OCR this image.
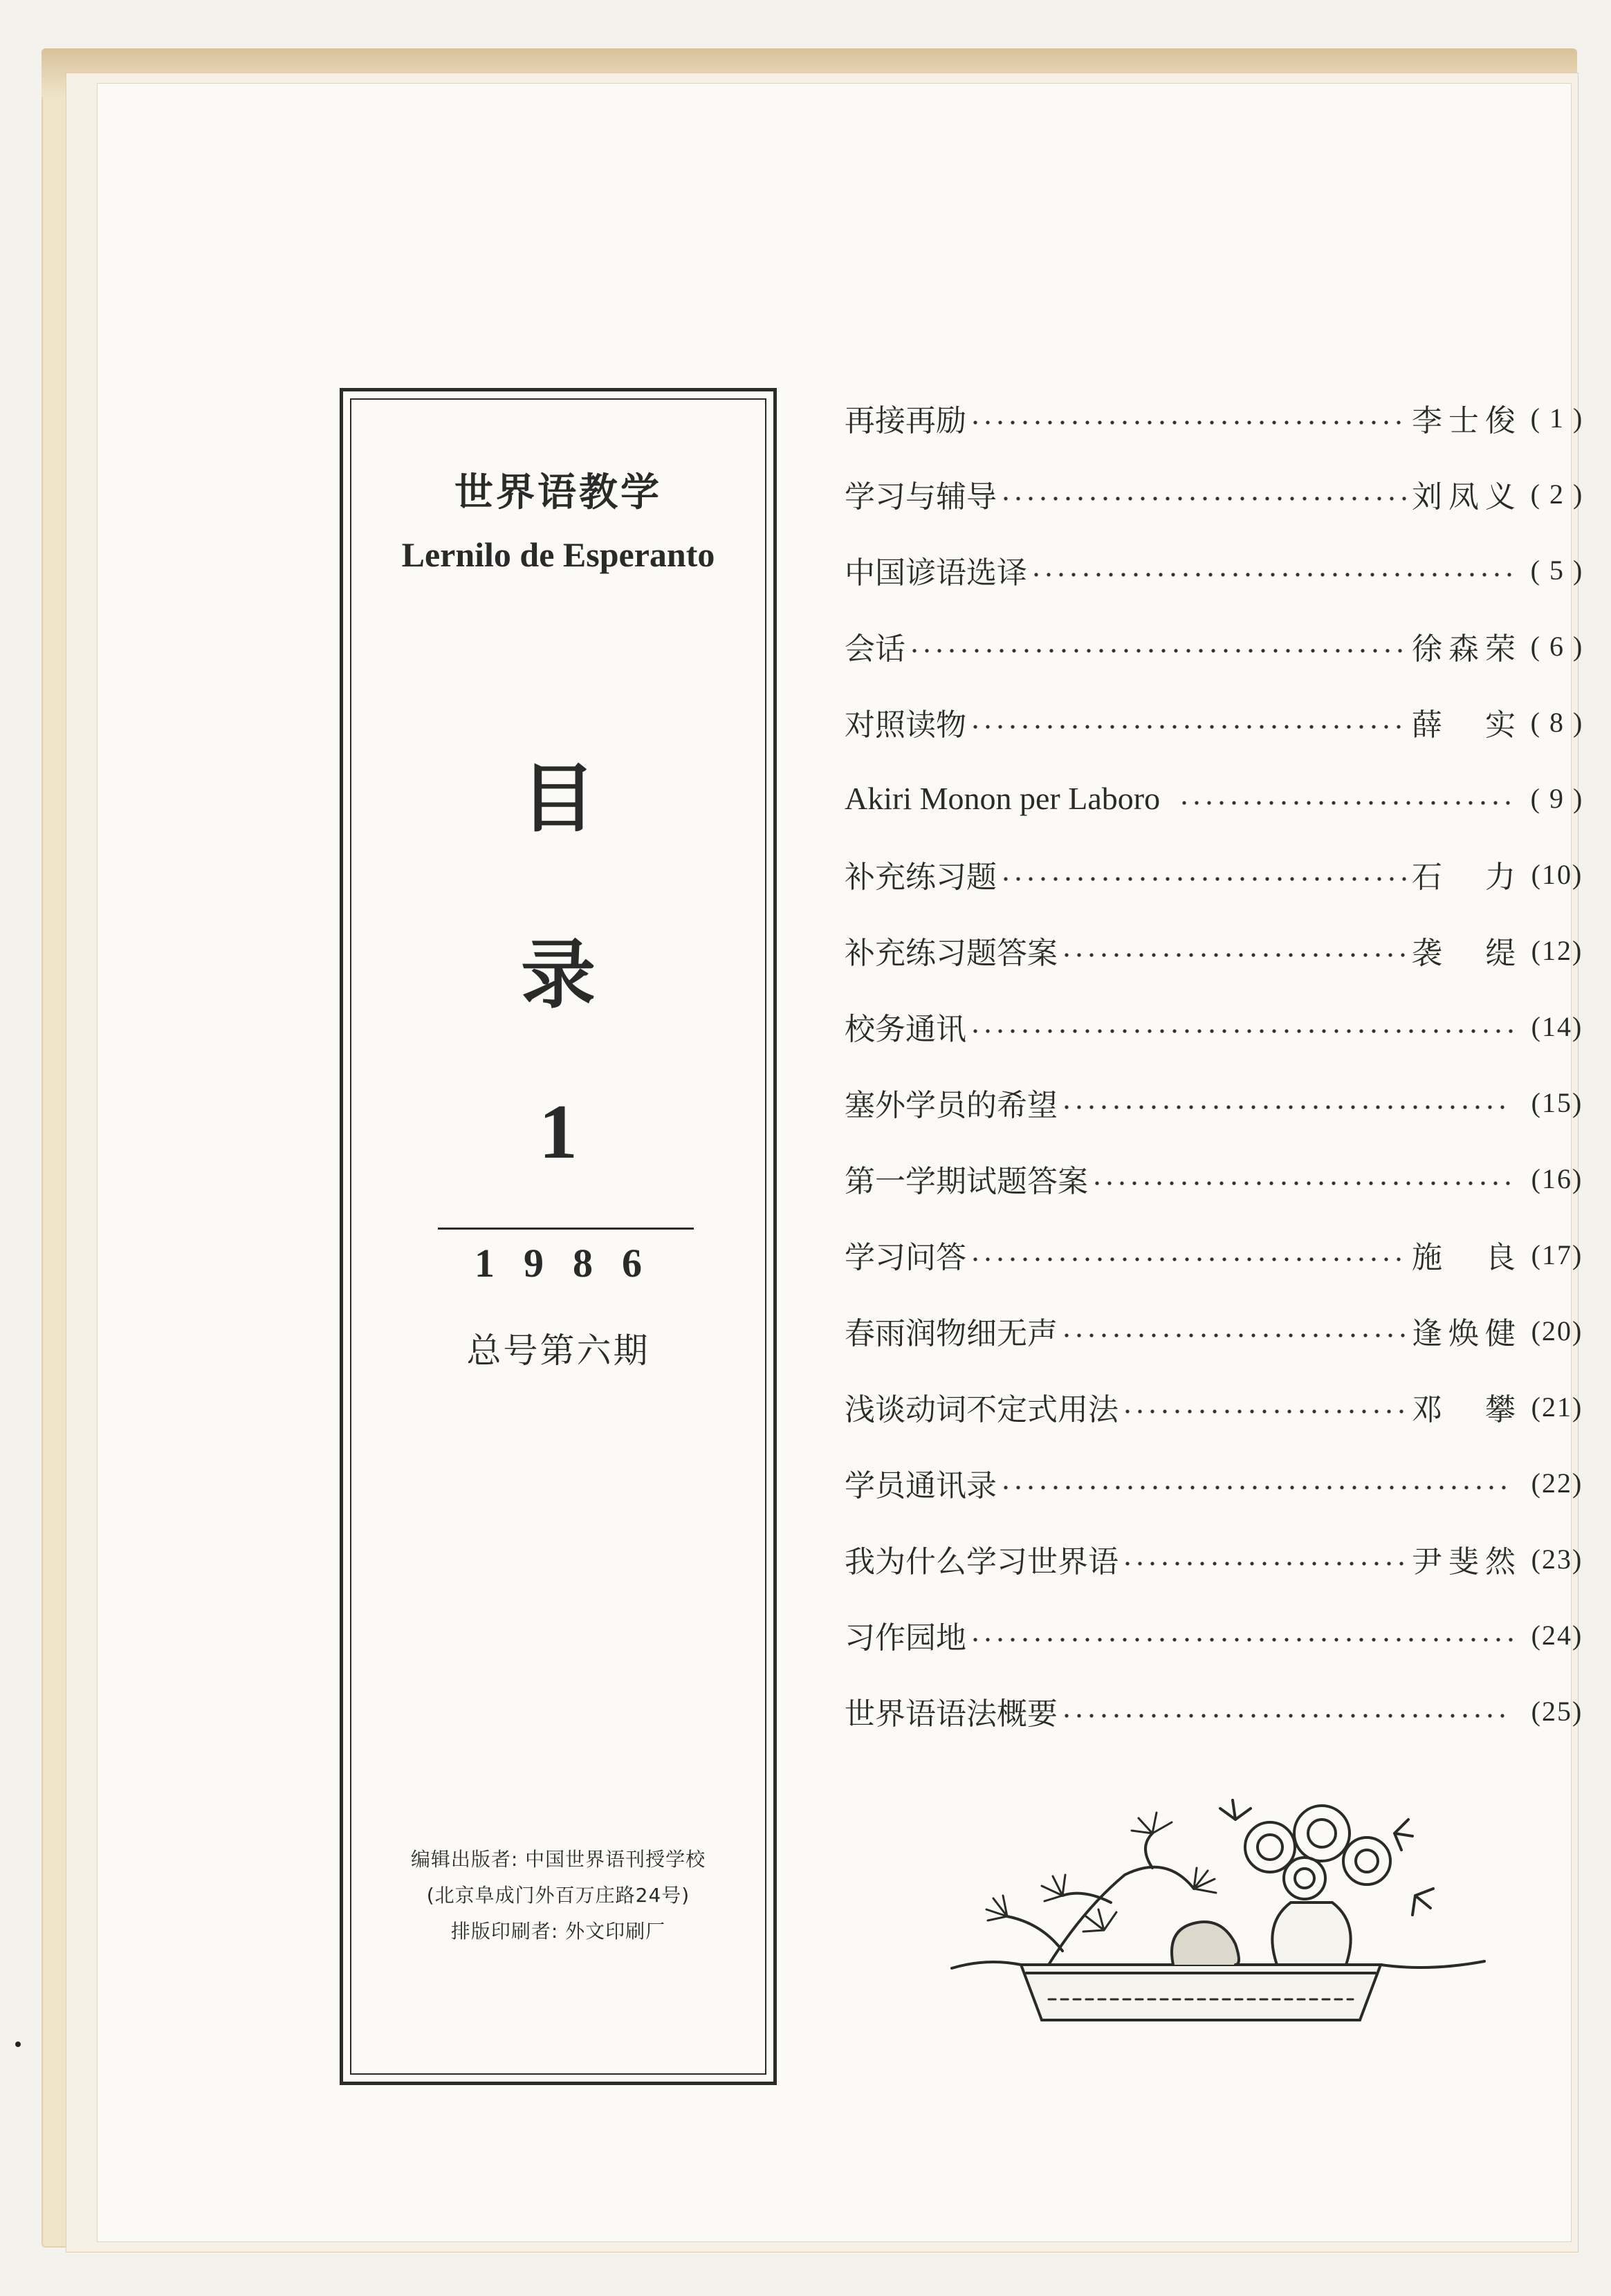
世界语教学
Lernilo de Esperanto
目
录
1
1986
总号第六期
编辑出版者: 中国世界语刊授学校
(北京阜成门外百万庄路24号)
排版印刷者: 外文印刷厂
再接再励	李士俊 ( 1 )
学习与辅导	刘凤义 ( 2 )
中国谚语选译	( 5 )
会话	徐森荣 ( 6 )
对照读物	薛实 ( 8 )
Akiri Monon per Laboro	( 9 )
补充练习题	石力 (10)
补充练习题答案	袭缇 (12)
校务通讯	(14)
塞外学员的希望	(15)
第一学期试题答案	(16)
学习问答	施良 (17)
春雨润物细无声	逢焕健 (20)
浅谈动词不定式用法	邓攀 (21)
学员通讯录	(22)
我为什么学习世界语	尹斐然 (23)
习作园地	(24)
世界语语法概要	(25)
